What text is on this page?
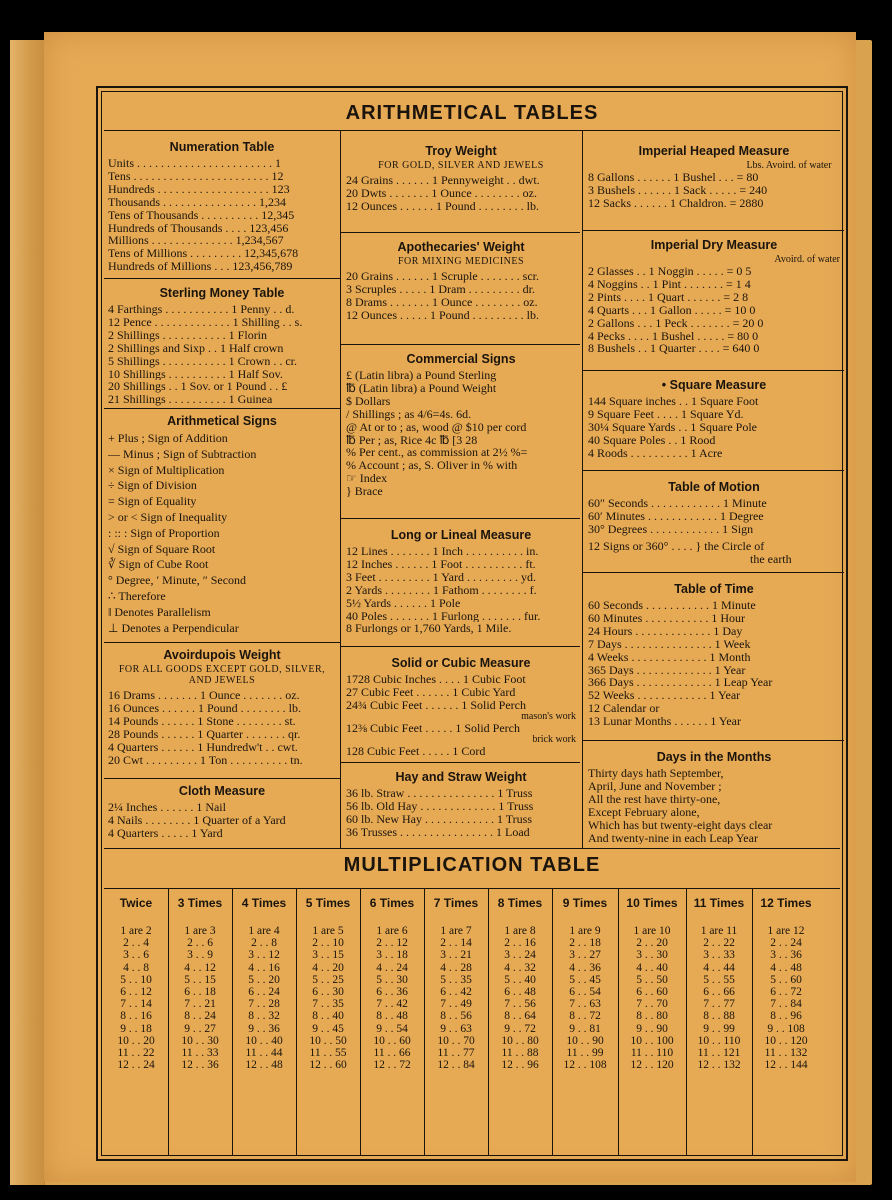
ARITHMETICAL TABLES
Numeration Table
Units . . . . . . . . . . . . . . . . . . . . . . . 1
Tens . . . . . . . . . . . . . . . . . . . . . . . 12
Hundreds . . . . . . . . . . . . . . . . . . . 123
Thousands . . . . . . . . . . . . . . . . 1,234
Tens of Thousands . . . . . . . . . . 12,345
Hundreds of Thousands . . . . 123,456
Millions . . . . . . . . . . . . . . 1,234,567
Tens of Millions . . . . . . . . . 12,345,678
Hundreds of Millions . . . 123,456,789
Sterling Money Table
4 Farthings . . . . . . . . . . . 1 Penny . . d.
12 Pence . . . . . . . . . . . . . 1 Shilling . . s.
2 Shillings . . . . . . . . . . . 1 Florin
2 Shillings and Sixp . . 1 Half crown
5 Shillings . . . . . . . . . . . 1 Crown . . cr.
10 Shillings . . . . . . . . . . 1 Half Sov.
20 Shillings . . 1 Sov. or 1 Pound . . £
21 Shillings . . . . . . . . . . 1 Guinea
Arithmetical Signs
+ Plus ; Sign of Addition
— Minus ; Sign of Subtraction
× Sign of Multiplication
÷ Sign of Division
= Sign of Equality
> or < Sign of Inequality
: :: : Sign of Proportion
√ Sign of Square Root
∛ Sign of Cube Root
° Degree, ′ Minute, ″ Second
∴ Therefore
‖ Denotes Parallelism
⊥ Denotes a Perpendicular
Avoirdupois Weight
FOR ALL GOODS EXCEPT GOLD, SILVER, AND JEWELS
16 Drams . . . . . . . 1 Ounce . . . . . . . oz.
16 Ounces . . . . . . 1 Pound . . . . . . . . lb.
14 Pounds . . . . . . 1 Stone . . . . . . . . st.
28 Pounds . . . . . . 1 Quarter . . . . . . . qr.
4 Quarters . . . . . . 1 Hundredw't . . cwt.
20 Cwt . . . . . . . . . 1 Ton . . . . . . . . . . tn.
Cloth Measure
2¼ Inches . . . . . . 1 Nail
4 Nails . . . . . . . . 1 Quarter of a Yard
4 Quarters . . . . . 1 Yard
Troy Weight
FOR GOLD, SILVER AND JEWELS
24 Grains . . . . . . 1 Pennyweight . . dwt.
20 Dwts . . . . . . . 1 Ounce . . . . . . . . oz.
12 Ounces . . . . . . 1 Pound . . . . . . . . lb.
Apothecaries' Weight
FOR MIXING MEDICINES
20 Grains . . . . . . 1 Scruple . . . . . . . scr.
3 Scruples . . . . . 1 Dram . . . . . . . . . dr.
8 Drams . . . . . . . 1 Ounce . . . . . . . . oz.
12 Ounces . . . . . 1 Pound . . . . . . . . . lb.
Commercial Signs
£ (Latin libra) a Pound Sterling
℔ (Latin libra) a Pound Weight
$ Dollars
/ Shillings ; as 4/6=4s. 6d.
@ At or to ; as, wood @ $10 per cord
℔ Per ; as, Rice 4c ℔ [3 28
% Per cent., as commission at 2½ %=
% Account ; as, S. Oliver in % with
☞ Index
} Brace
Long or Lineal Measure
12 Lines . . . . . . . 1 Inch . . . . . . . . . . in.
12 Inches . . . . . . 1 Foot . . . . . . . . . . ft.
3 Feet . . . . . . . . . 1 Yard . . . . . . . . . yd.
2 Yards . . . . . . . . 1 Fathom . . . . . . . . f.
5½ Yards . . . . . . 1 Pole
40 Poles . . . . . . . 1 Furlong . . . . . . . fur.
8 Furlongs or 1,760 Yards, 1 Mile.
Solid or Cubic Measure
1728 Cubic Inches . . . . 1 Cubic Foot
27 Cubic Feet . . . . . . 1 Cubic Yard
24¾ Cubic Feet . . . . . . 1 Solid Perch
mason's work
12⅜ Cubic Feet . . . . . 1 Solid Perch
brick work
128 Cubic Feet . . . . . 1 Cord
Hay and Straw Weight
36 lb. Straw . . . . . . . . . . . . . . . 1 Truss
56 lb. Old Hay . . . . . . . . . . . . . 1 Truss
60 lb. New Hay . . . . . . . . . . . . 1 Truss
36 Trusses . . . . . . . . . . . . . . . . 1 Load
Imperial Heaped Measure
Lbs. Avoird. of water
8 Gallons . . . . . . 1 Bushel . . . = 80
3 Bushels . . . . . . 1 Sack . . . . . = 240
12 Sacks . . . . . . 1 Chaldron. = 2880
Imperial Dry Measure
Avoird. of water
2 Glasses . . 1 Noggin . . . . . = 0 5
4 Noggins . . 1 Pint . . . . . . . = 1 4
2 Pints . . . . 1 Quart . . . . . . = 2 8
4 Quarts . . . 1 Gallon . . . . . = 10 0
2 Gallons . . . 1 Peck . . . . . . . = 20 0
4 Pecks . . . . 1 Bushel . . . . . = 80 0
8 Bushels . . 1 Quarter . . . . = 640 0
• Square Measure
144 Square inches . . 1 Square Foot
9 Square Feet . . . . 1 Square Yd.
30¼ Square Yards . . 1 Square Pole
40 Square Poles . . 1 Rood
4 Roods . . . . . . . . . . 1 Acre
Table of Motion
60″ Seconds . . . . . . . . . . . . 1 Minute
60′ Minutes . . . . . . . . . . . . 1 Degree
30° Degrees . . . . . . . . . . . . 1 Sign
12 Signs or 360° . . . . } the Circle of
the earth
Table of Time
60 Seconds . . . . . . . . . . . 1 Minute
60 Minutes . . . . . . . . . . . 1 Hour
24 Hours . . . . . . . . . . . . . 1 Day
7 Days . . . . . . . . . . . . . . . 1 Week
4 Weeks . . . . . . . . . . . . . 1 Month
365 Days . . . . . . . . . . . . . 1 Year
366 Days . . . . . . . . . . . . . 1 Leap Year
52 Weeks . . . . . . . . . . . . 1 Year
12 Calendar or
13 Lunar Months . . . . . . 1 Year
Days in the Months
Thirty days hath September,
April, June and November ;
All the rest have thirty-one,
Except February alone,
Which has but twenty-eight days clear
And twenty-nine in each Leap Year
MULTIPLICATION TABLE
Twice
1 are 2
2 . . 4
3 . . 6
4 . . 8
5 . . 10
6 . . 12
7 . . 14
8 . . 16
9 . . 18
10 . . 20
11 . . 22
12 . . 24
3 Times
1 are 3
2 . . 6
3 . . 9
4 . . 12
5 . . 15
6 . . 18
7 . . 21
8 . . 24
9 . . 27
10 . . 30
11 . . 33
12 . . 36
4 Times
1 are 4
2 . . 8
3 . . 12
4 . . 16
5 . . 20
6 . . 24
7 . . 28
8 . . 32
9 . . 36
10 . . 40
11 . . 44
12 . . 48
5 Times
1 are 5
2 . . 10
3 . . 15
4 . . 20
5 . . 25
6 . . 30
7 . . 35
8 . . 40
9 . . 45
10 . . 50
11 . . 55
12 . . 60
6 Times
1 are 6
2 . . 12
3 . . 18
4 . . 24
5 . . 30
6 . . 36
7 . . 42
8 . . 48
9 . . 54
10 . . 60
11 . . 66
12 . . 72
7 Times
1 are 7
2 . . 14
3 . . 21
4 . . 28
5 . . 35
6 . . 42
7 . . 49
8 . . 56
9 . . 63
10 . . 70
11 . . 77
12 . . 84
8 Times
1 are 8
2 . . 16
3 . . 24
4 . . 32
5 . . 40
6 . . 48
7 . . 56
8 . . 64
9 . . 72
10 . . 80
11 . . 88
12 . . 96
9 Times
1 are 9
2 . . 18
3 . . 27
4 . . 36
5 . . 45
6 . . 54
7 . . 63
8 . . 72
9 . . 81
10 . . 90
11 . . 99
12 . . 108
10 Times
1 are 10
2 . . 20
3 . . 30
4 . . 40
5 . . 50
6 . . 60
7 . . 70
8 . . 80
9 . . 90
10 . . 100
11 . . 110
12 . . 120
11 Times
1 are 11
2 . . 22
3 . . 33
4 . . 44
5 . . 55
6 . . 66
7 . . 77
8 . . 88
9 . . 99
10 . . 110
11 . . 121
12 . . 132
12 Times
1 are 12
2 . . 24
3 . . 36
4 . . 48
5 . . 60
6 . . 72
7 . . 84
8 . . 96
9 . . 108
10 . . 120
11 . . 132
12 . . 144
